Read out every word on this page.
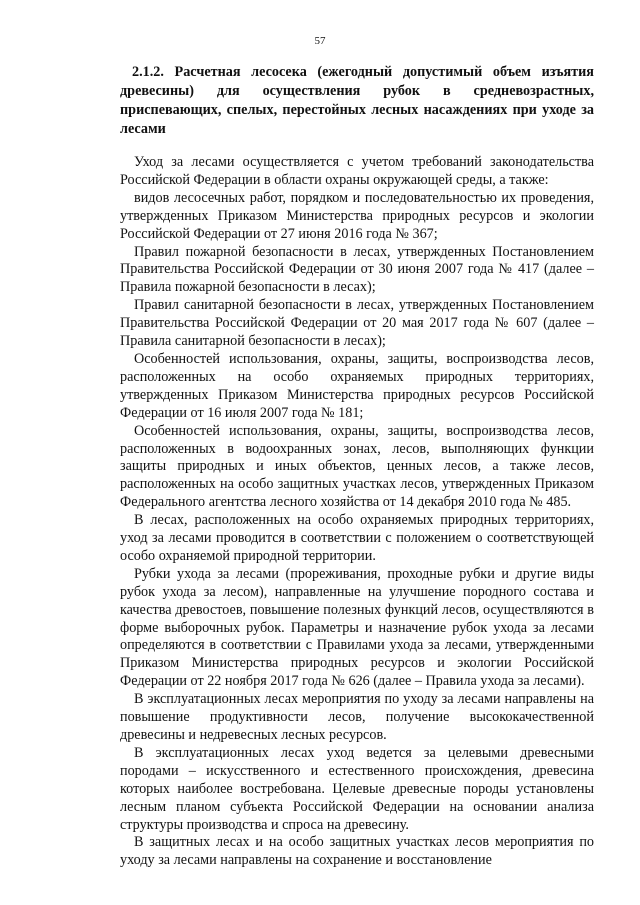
57

2.1.2. Расчетная лесосека (ежегодный допустимый объем изъятия древесины) для осуществления рубок в средневозрастных, приспевающих, спелых, перестойных лесных насаждениях при уходе за лесами

Уход за лесами осуществляется с учетом требований законодательства Российской Федерации в области охраны окружающей среды, а также:

видов лесосечных работ, порядком и последовательностью их проведения, утвержденных Приказом Министерства природных ресурсов и экологии Российской Федерации от 27 июня 2016 года № 367;

Правил пожарной безопасности в лесах, утвержденных Постановлением Правительства Российской Федерации от 30 июня 2007 года № 417 (далее – Правила пожарной безопасности в лесах);

Правил санитарной безопасности в лесах, утвержденных Постановлением Правительства Российской Федерации от 20 мая 2017 года № 607 (далее – Правила санитарной безопасности в лесах);

Особенностей использования, охраны, защиты, воспроизводства лесов, расположенных на особо охраняемых природных территориях, утвержденных Приказом Министерства природных ресурсов Российской Федерации от 16 июля 2007 года № 181;

Особенностей использования, охраны, защиты, воспроизводства лесов, расположенных в водоохранных зонах, лесов, выполняющих функции защиты природных и иных объектов, ценных лесов, а также лесов, расположенных на особо защитных участках лесов, утвержденных Приказом Федерального агентства лесного хозяйства от 14 декабря 2010 года № 485.

В лесах, расположенных на особо охраняемых природных территориях, уход за лесами проводится в соответствии с положением о соответствующей особо охраняемой природной территории.

Рубки ухода за лесами (прореживания, проходные рубки и другие виды рубок ухода за лесом), направленные на улучшение породного состава и качества древостоев, повышение полезных функций лесов, осуществляются в форме выборочных рубок. Параметры и назначение рубок ухода за лесами определяются в соответствии с Правилами ухода за лесами, утвержденными Приказом Министерства природных ресурсов и экологии Российской Федерации от 22 ноября 2017 года № 626 (далее – Правила ухода за лесами).

В эксплуатационных лесах мероприятия по уходу за лесами направлены на повышение продуктивности лесов, получение высококачественной древесины и недревесных лесных ресурсов.

В эксплуатационных лесах уход ведется за целевыми древесными породами – искусственного и естественного происхождения, древесина которых наиболее востребована. Целевые древесные породы установлены лесным планом субъекта Российской Федерации на основании анализа структуры производства и спроса на древесину.

В защитных лесах и на особо защитных участках лесов мероприятия по уходу за лесами направлены на сохранение и восстановление
